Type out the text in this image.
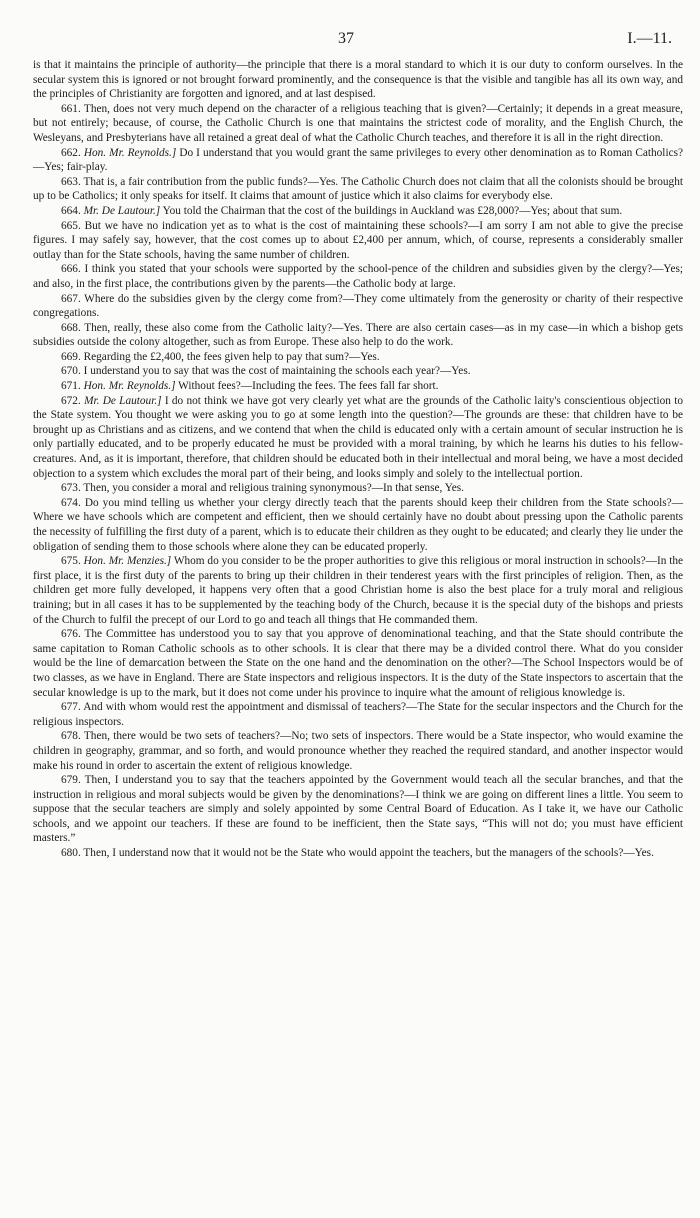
37	I.—11.

is that it maintains the principle of authority—the principle that there is a moral standard to which it is our duty to conform ourselves. In the secular system this is ignored or not brought forward prominently, and the consequence is that the visible and tangible has all its own way, and the principles of Christianity are forgotten and ignored, and at last despised.

661. Then, does not very much depend on the character of a religious teaching that is given?—Certainly; it depends in a great measure, but not entirely; because, of course, the Catholic Church is one that maintains the strictest code of morality, and the English Church, the Wesleyans, and Presbyterians have all retained a great deal of what the Catholic Church teaches, and therefore it is all in the right direction.

662. Hon. Mr. Reynolds.] Do I understand that you would grant the same privileges to every other denomination as to Roman Catholics?—Yes; fair-play.

663. That is, a fair contribution from the public funds?—Yes. The Catholic Church does not claim that all the colonists should be brought up to be Catholics; it only speaks for itself. It claims that amount of justice which it also claims for everybody else.

664. Mr. De Lautour.] You told the Chairman that the cost of the buildings in Auckland was £28,000?—Yes; about that sum.

665. But we have no indication yet as to what is the cost of maintaining these schools?—I am sorry I am not able to give the precise figures. I may safely say, however, that the cost comes up to about £2,400 per annum, which, of course, represents a considerably smaller outlay than for the State schools, having the same number of children.

666. I think you stated that your schools were supported by the school-pence of the children and subsidies given by the clergy?—Yes; and also, in the first place, the contributions given by the parents—the Catholic body at large.

667. Where do the subsidies given by the clergy come from?—They come ultimately from the generosity or charity of their respective congregations.

668. Then, really, these also come from the Catholic laity?—Yes. There are also certain cases—as in my case—in which a bishop gets subsidies outside the colony altogether, such as from Europe. These also help to do the work.

669. Regarding the £2,400, the fees given help to pay that sum?—Yes.

670. I understand you to say that was the cost of maintaining the schools each year?—Yes.

671. Hon. Mr. Reynolds.] Without fees?—Including the fees. The fees fall far short.

672. Mr. De Lautour.] I do not think we have got very clearly yet what are the grounds of the Catholic laity's conscientious objection to the State system. You thought we were asking you to go at some length into the question?—The grounds are these: that children have to be brought up as Christians and as citizens, and we contend that when the child is educated only with a certain amount of secular instruction he is only partially educated, and to be properly educated he must be provided with a moral training, by which he learns his duties to his fellow-creatures. And, as it is important, therefore, that children should be educated both in their intellectual and moral being, we have a most decided objection to a system which excludes the moral part of their being, and looks simply and solely to the intellectual portion.

673. Then, you consider a moral and religious training synonymous?—In that sense, Yes.

674. Do you mind telling us whether your clergy directly teach that the parents should keep their children from the State schools?—Where we have schools which are competent and efficient, then we should certainly have no doubt about pressing upon the Catholic parents the necessity of fulfilling the first duty of a parent, which is to educate their children as they ought to be educated; and clearly they lie under the obligation of sending them to those schools where alone they can be educated properly.

675. Hon. Mr. Menzies.] Whom do you consider to be the proper authorities to give this religious or moral instruction in schools?—In the first place, it is the first duty of the parents to bring up their children in their tenderest years with the first principles of religion. Then, as the children get more fully developed, it happens very often that a good Christian home is also the best place for a truly moral and religious training; but in all cases it has to be supplemented by the teaching body of the Church, because it is the special duty of the bishops and priests of the Church to fulfil the precept of our Lord to go and teach all things that He commanded them.

676. The Committee has understood you to say that you approve of denominational teaching, and that the State should contribute the same capitation to Roman Catholic schools as to other schools. It is clear that there may be a divided control there. What do you consider would be the line of demarcation between the State on the one hand and the denomination on the other?—The School Inspectors would be of two classes, as we have in England. There are State inspectors and religious inspectors. It is the duty of the State inspectors to ascertain that the secular knowledge is up to the mark, but it does not come under his province to inquire what the amount of religious knowledge is.

677. And with whom would rest the appointment and dismissal of teachers?—The State for the secular inspectors and the Church for the religious inspectors.

678. Then, there would be two sets of teachers?—No; two sets of inspectors. There would be a State inspector, who would examine the children in geography, grammar, and so forth, and would pronounce whether they reached the required standard, and another inspector would make his round in order to ascertain the extent of religious knowledge.

679. Then, I understand you to say that the teachers appointed by the Government would teach all the secular branches, and that the instruction in religious and moral subjects would be given by the denominations?—I think we are going on different lines a little. You seem to suppose that the secular teachers are simply and solely appointed by some Central Board of Education. As I take it, we have our Catholic schools, and we appoint our teachers. If these are found to be inefficient, then the State says, “This will not do; you must have efficient masters.”

680. Then, I understand now that it would not be the State who would appoint the teachers, but the managers of the schools?—Yes.
